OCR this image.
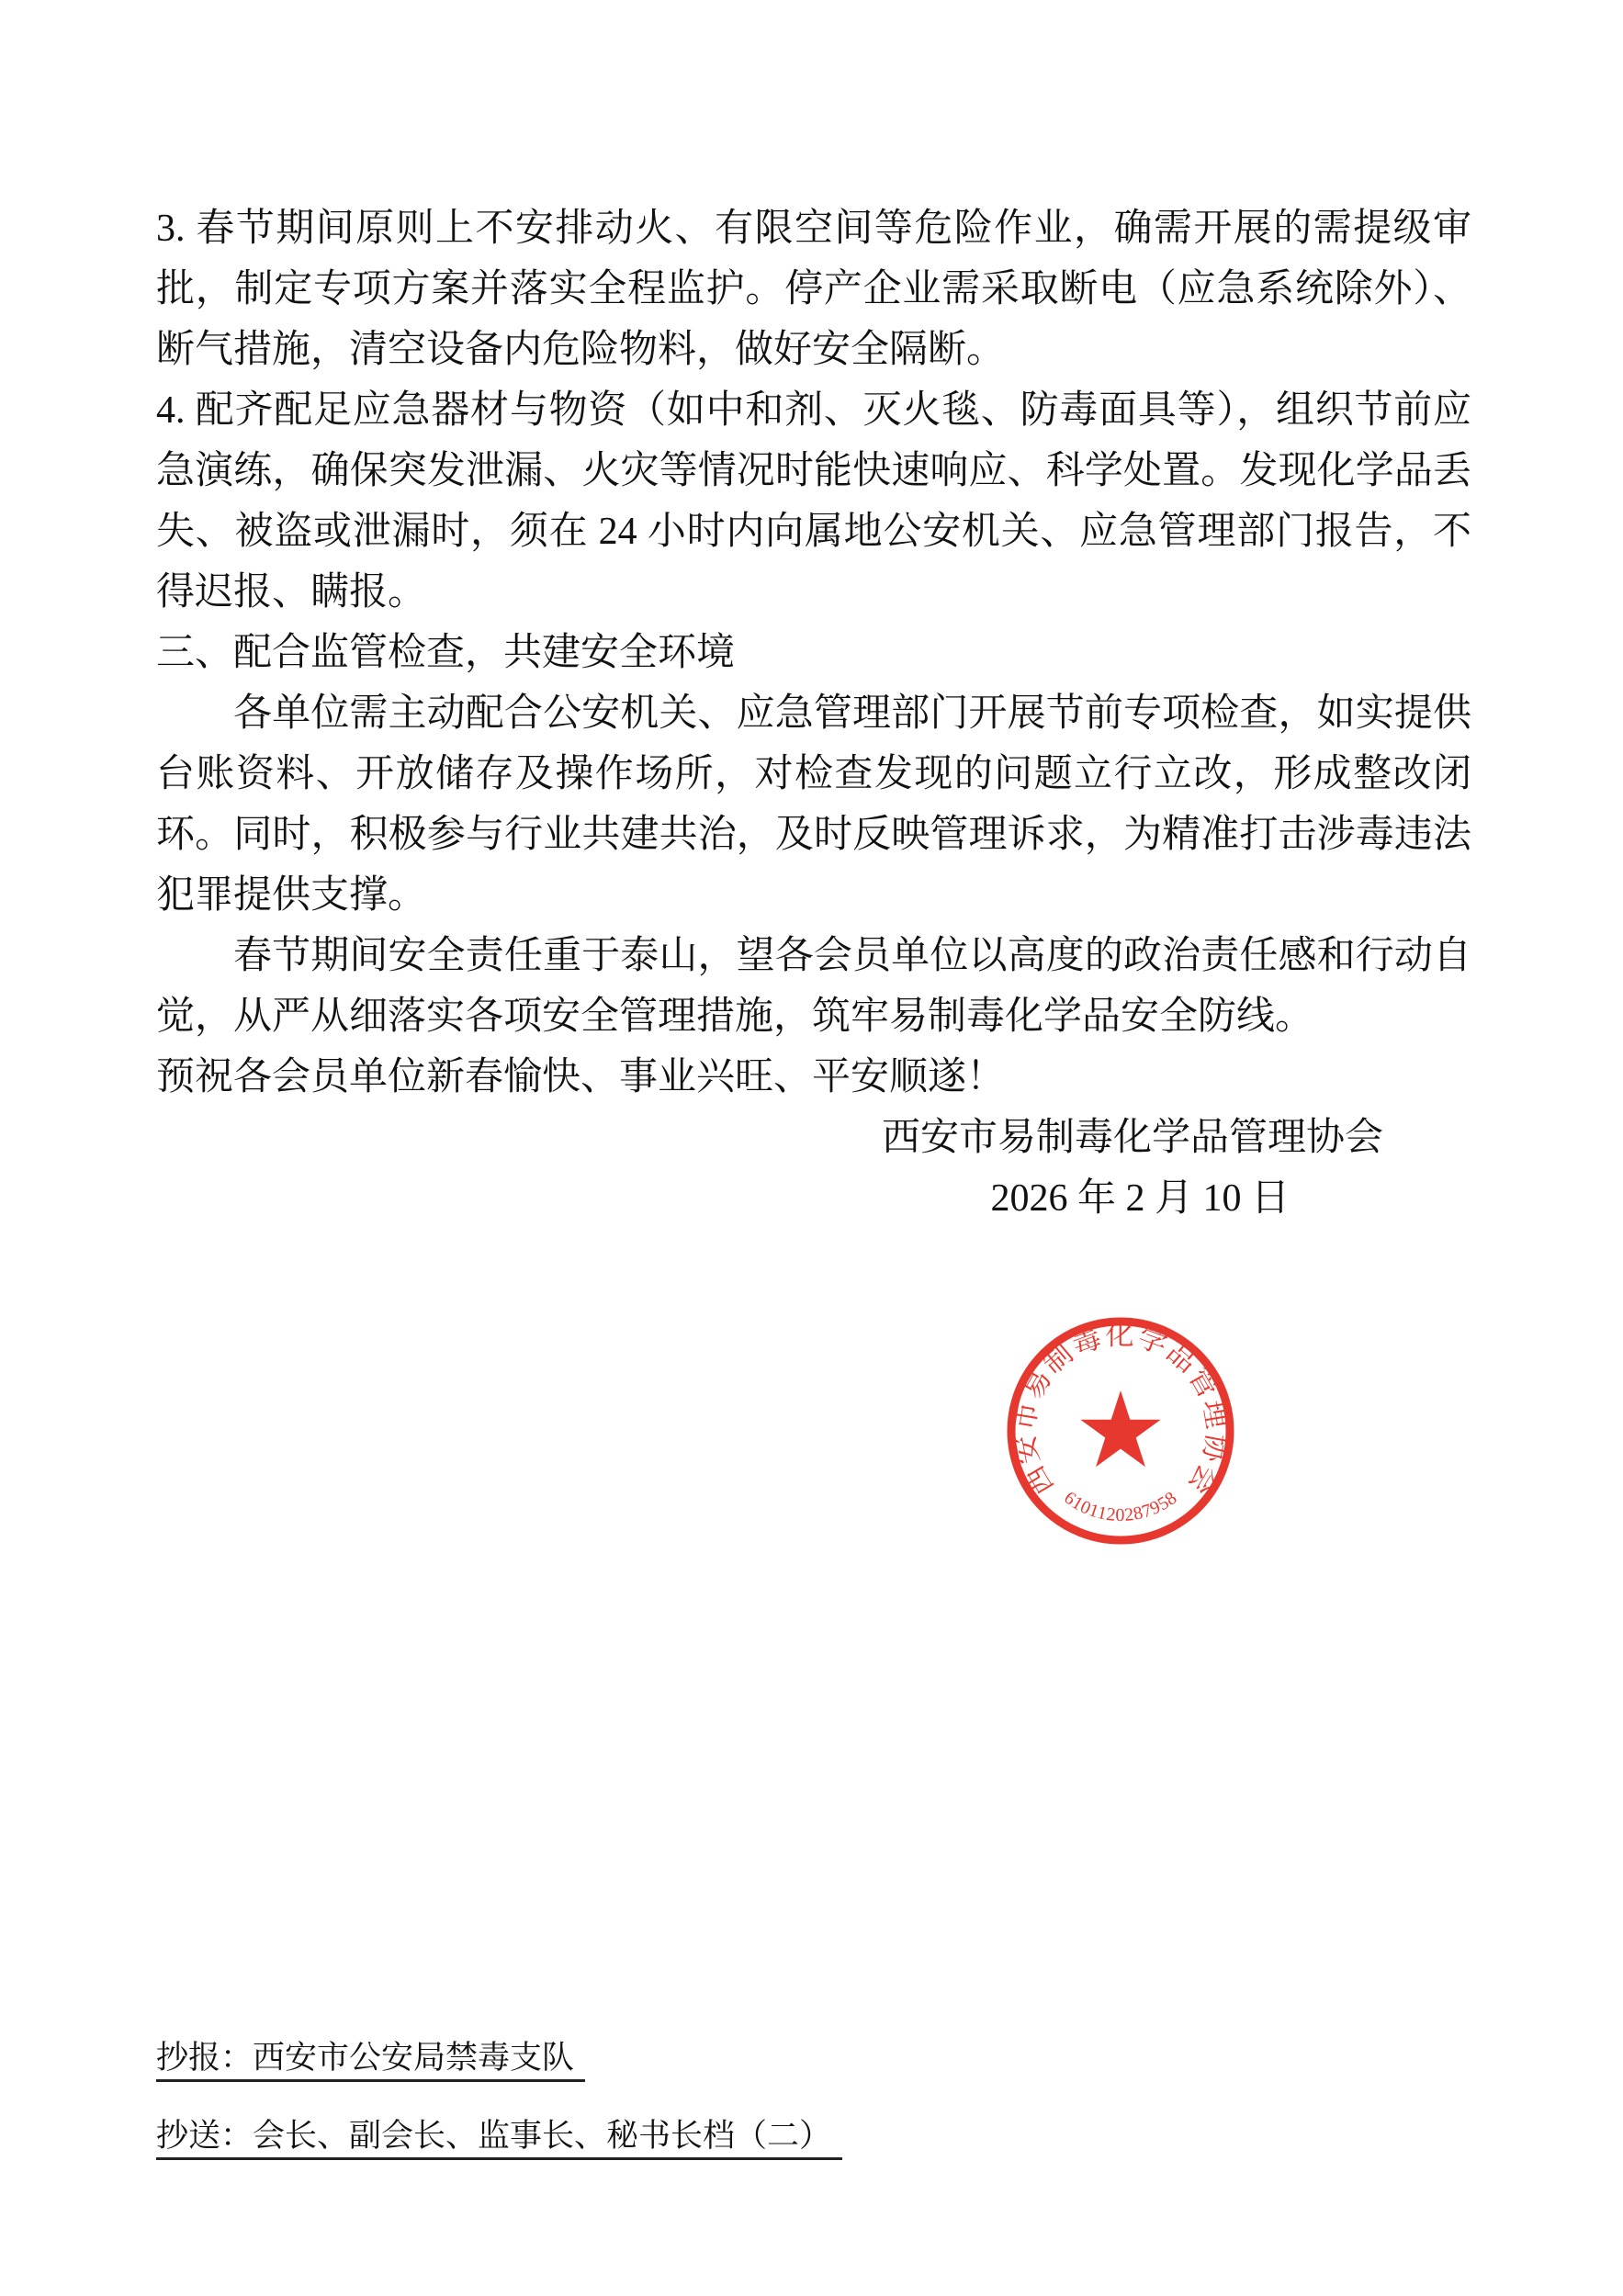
3. 春节期间原则上不安排动火、有限空间等危险作业，确需开展的需提级审批，制定专项方案并落实全程监护。停产企业需采取断电（应急系统除外）、断气措施，清空设备内危险物料，做好安全隔断。

4. 配齐配足应急器材与物资（如中和剂、灭火毯、防毒面具等），组织节前应急演练，确保突发泄漏、火灾等情况时能快速响应、科学处置。发现化学品丢失、被盗或泄漏时，须在 24 小时内向属地公安机关、应急管理部门报告，不得迟报、瞒报。

三、配合监管检查，共建安全环境

各单位需主动配合公安机关、应急管理部门开展节前专项检查，如实提供台账资料、开放储存及操作场所，对检查发现的问题立行立改，形成整改闭环。同时，积极参与行业共建共治，及时反映管理诉求，为精准打击涉毒违法犯罪提供支撑。

春节期间安全责任重于泰山，望各会员单位以高度的政治责任感和行动自觉，从严从细落实各项安全管理措施，筑牢易制毒化学品安全防线。

预祝各会员单位新春愉快、事业兴旺、平安顺遂！

西安市易制毒化学品管理协会

2026 年 2 月 10 日

西安市易制毒化学品管理协会
6101120287958
抄报：西安市公安局禁毒支队
抄送：会长、副会长、监事长、秘书长档（二）
